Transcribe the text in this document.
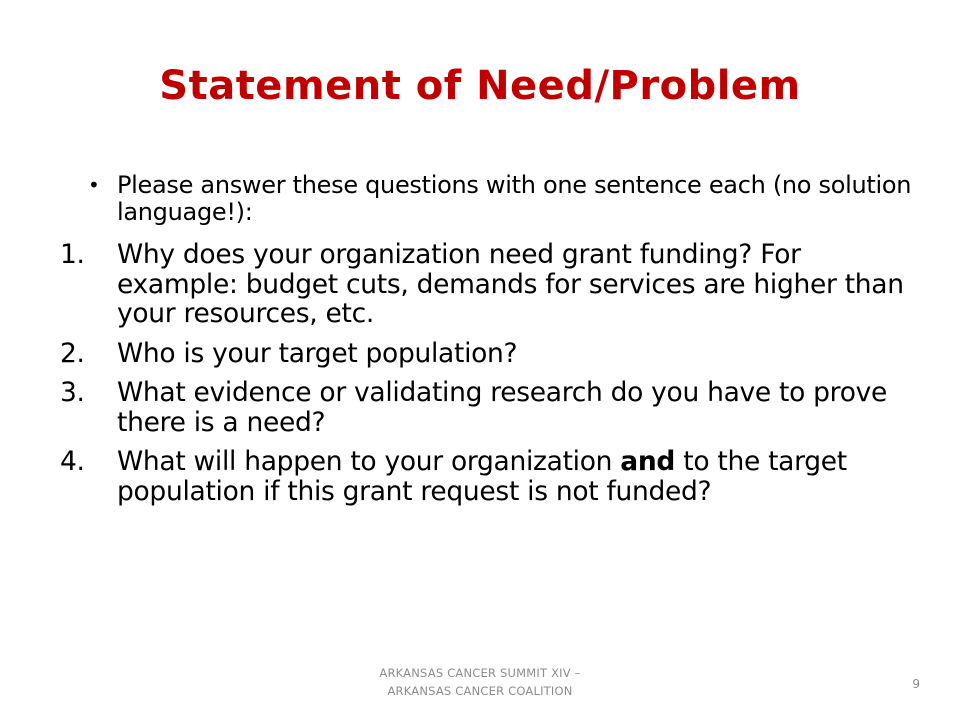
Statement of Need/Problem
• Please answer these questions with one sentence each (no solution language!):
1. Why does your organization need grant funding? For example: budget cuts, demands for services are higher than your resources, etc.
2. Who is your target population?
3. What evidence or validating research do you have to prove there is a need?
4. What will happen to your organization and to the target population if this grant request is not funded?
ARKANSAS CANCER SUMMIT XIV –
ARKANSAS CANCER COALITION	9
